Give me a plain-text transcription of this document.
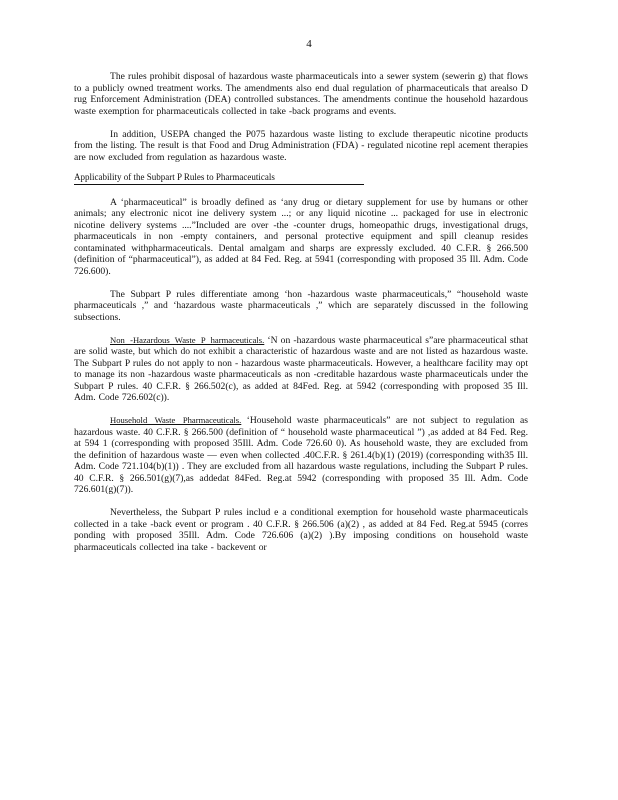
4

The rules prohibit disposal of hazardous waste pharmaceuticals into a sewer system (sewerin g) that flows to a publicly owned treatment works. The amendments also end dual regulation of pharmaceuticals that arealso D rug Enforcement Administration (DEA) controlled substances. The amendments continue the household hazardous waste exemption for pharmaceuticals collected in take -back programs and events.

In addition, USEPA changed the P075 hazardous waste listing to exclude therapeutic nicotine products from the listing. The result is that Food and Drug Administration (FDA) - regulated nicotine repl acement therapies are now excluded from regulation as hazardous waste.

Applicability of the Subpart P Rules to Pharmaceuticals

A ‘pharmaceutical” is broadly defined as ‘any drug or dietary supplement for use by humans or other animals; any electronic nicot ine delivery system ...; or any liquid nicotine ... packaged for use in electronic nicotine delivery systems ....”Included are over -the -counter drugs, homeopathic drugs, investigational drugs, pharmaceuticals in non -empty containers, and personal protective equipment and spill cleanup resides contaminated withpharmaceuticals. Dental amalgam and sharps are expressly excluded. 40 C.F.R. § 266.500 (definition of “pharmaceutical”), as added at 84 Fed. Reg. at 5941 (corresponding with proposed 35 Ill. Adm. Code 726.600).

The Subpart P rules differentiate among ‘hon -hazardous waste pharmaceuticals,” “household waste pharmaceuticals ,” and ‘hazardous waste pharmaceuticals ,” which are separately discussed in the following subsections.

Non -Hazardous Waste P harmaceuticals. ‘N on -hazardous waste pharmaceutical s”are pharmaceutical sthat are solid waste, but which do not exhibit a characteristic of hazardous waste and are not listed as hazardous waste. The Subpart P rules do not apply to non - hazardous waste pharmaceuticals. However, a healthcare facility may opt to manage its non -hazardous waste pharmaceuticals as non -creditable hazardous waste pharmaceuticals under the Subpart P rules. 40 C.F.R. § 266.502(c), as added at 84Fed. Reg. at 5942 (corresponding with proposed 35 Ill. Adm. Code 726.602(c)).

Household Waste Pharmaceuticals. ‘Household waste pharmaceuticals” are not subject to regulation as hazardous waste. 40 C.F.R. § 266.500 (definition of “ household waste pharmaceutical ”) ,as added at 84 Fed. Reg. at 594 1 (corresponding with proposed 35Ill. Adm. Code 726.60 0). As household waste, they are excluded from the definition of hazardous waste — even when collected .40C.F.R. § 261.4(b)(1) (2019) (corresponding with35 Ill. Adm. Code 721.104(b)(1)) . They are excluded from all hazardous waste regulations, including the Subpart P rules. 40 C.F.R. § 266.501(g)(7),as addedat 84Fed. Reg.at 5942 (corresponding with proposed 35 Ill. Adm. Code 726.601(g)(7)).

Nevertheless, the Subpart P rules includ e a conditional exemption for household waste pharmaceuticals collected in a take -back event or program . 40 C.F.R. § 266.506 (a)(2) , as added at 84 Fed. Reg.at 5945 (corres ponding with proposed 35Ill. Adm. Code 726.606 (a)(2) ).By imposing conditions on household waste pharmaceuticals collected ina take - backevent or
